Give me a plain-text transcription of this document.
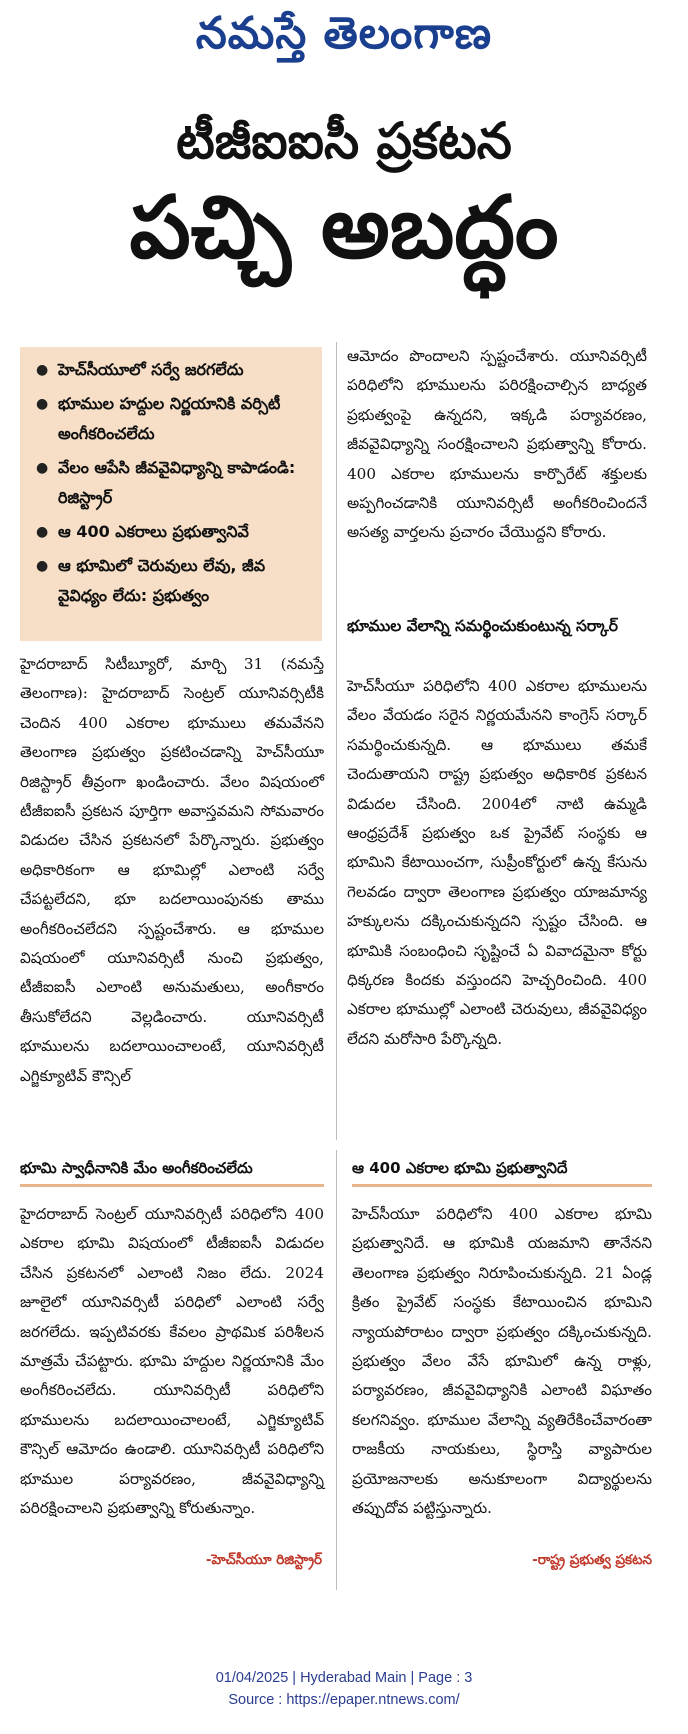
నమస్తే తెలంగాణ
టీజీఐఐసీ ప్రకటన
పచ్చి అబద్ధం
● హెచ్‌సీయూలో సర్వే జరగలేదు
● భూముల హద్దుల నిర్ణయానికి వర్సిటీ అంగీకరించలేదు
● వేలం ఆపేసి జీవవైవిధ్యాన్ని కాపాడండి: రిజిస్ట్రార్
● ఆ 400 ఎకరాలు ప్రభుత్వానివే
● ఆ భూమిలో చెరువులు లేవు, జీవ వైవిధ్యం లేదు: ప్రభుత్వం
హైదరాబాద్ సిటీబ్యూరో, మార్చి 31 (నమస్తే తెలంగాణ): హైదరాబాద్ సెంట్రల్ యూనివర్సిటీకి చెందిన 400 ఎకరాల భూములు తమవేనని తెలంగాణ ప్రభుత్వం ప్రకటించడాన్ని హెచ్‌సీయూ రిజిస్ట్రార్ తీవ్రంగా ఖండించారు. వేలం విషయంలో టీజీఐఐసీ ప్రకటన పూర్తిగా అవాస్తవమని సోమవారం విడుదల చేసిన ప్రకటనలో పేర్కొన్నారు. ప్రభుత్వం అధికారికంగా ఆ భూమిల్లో ఎలాంటి సర్వే చేపట్టలేదని, భూ బదలాయింపునకు తాము అంగీకరించలేదని స్పష్టంచేశారు. ఆ భూముల విషయంలో యూనివర్సిటీ నుంచి ప్రభుత్వం, టీజీఐఐసీ ఎలాంటి అనుమతులు, అంగీకారం తీసుకోలేదని వెల్లడించారు. యూనివర్సిటీ భూములను బదలాయించాలంటే, యూనివర్సిటీ ఎగ్జిక్యూటివ్ కౌన్సిల్
ఆమోదం పొందాలని స్పష్టంచేశారు. యూనివర్సిటీ పరిధిలోని భూములను పరిరక్షించాల్సిన బాధ్యత ప్రభుత్వంపై ఉన్నదని, ఇక్కడి పర్యావరణం, జీవవైవిధ్యాన్ని సంరక్షించాలని ప్రభుత్వాన్ని కోరారు. 400 ఎకరాల భూములను కార్పొరేట్ శక్తులకు అప్పగించడానికి యూనివర్సిటీ అంగీకరించిందనే అసత్య వార్తలను ప్రచారం చేయొద్దని కోరారు.
భూముల వేలాన్ని సమర్థించుకుంటున్న సర్కార్
హెచ్‌సీయూ పరిధిలోని 400 ఎకరాల భూములను వేలం వేయడం సరైన నిర్ణయమేనని కాంగ్రెస్ సర్కార్ సమర్థించుకున్నది. ఆ భూములు తమకే చెందుతాయని రాష్ట్ర ప్రభుత్వం అధికారిక ప్రకటన విడుదల చేసింది. 2004లో నాటి ఉమ్మడి ఆంధ్రప్రదేశ్ ప్రభుత్వం ఒక ప్రైవేట్ సంస్థకు ఆ భూమిని కేటాయించగా, సుప్రీంకోర్టులో ఉన్న కేసును గెలవడం ద్వారా తెలంగాణ ప్రభుత్వం యాజమాన్య హక్కులను దక్కించుకున్నదని స్పష్టం చేసింది. ఆ భూమికి సంబంధించి సృష్టించే ఏ వివాదమైనా కోర్టు ధిక్కరణ కిందకు వస్తుందని హెచ్చరించింది. 400 ఎకరాల భూముల్లో ఎలాంటి చెరువులు, జీవవైవిధ్యం లేదని మరోసారి పేర్కొన్నది.
భూమి స్వాధీనానికి మేం అంగీకరించలేదు	ఆ 400 ఎకరాల భూమి ప్రభుత్వానిదే
హైదరాబాద్ సెంట్రల్ యూనివర్సిటీ పరిధిలోని 400 ఎకరాల భూమి విషయంలో టీజీఐఐసీ విడుదల చేసిన ప్రకటనలో ఎలాంటి నిజం లేదు. 2024 జూలైలో యూనివర్సిటీ పరిధిలో ఎలాంటి సర్వే జరగలేదు. ఇప్పటివరకు కేవలం ప్రాథమిక పరిశీలన మాత్రమే చేపట్టారు. భూమి హద్దుల నిర్ణయానికి మేం అంగీకరించలేదు. యూనివర్సిటీ పరిధిలోని భూములను బదలాయించాలంటే, ఎగ్జిక్యూటివ్ కౌన్సిల్ ఆమోదం ఉండాలి. యూనివర్సిటీ పరిధిలోని భూముల పర్యావరణం, జీవవైవిధ్యాన్ని పరిరక్షించాలని ప్రభుత్వాన్ని కోరుతున్నాం.
హెచ్‌సీయూ పరిధిలోని 400 ఎకరాల భూమి ప్రభుత్వానిదే. ఆ భూమికి యజమాని తానేనని తెలంగాణ ప్రభుత్వం నిరూపించుకున్నది. 21 ఏండ్ల క్రితం ప్రైవేట్ సంస్థకు కేటాయించిన భూమిని న్యాయపోరాటం ద్వారా ప్రభుత్వం దక్కించుకున్నది. ప్రభుత్వం వేలం వేసే భూమిలో ఉన్న రాళ్లు, పర్యావరణం, జీవవైవిధ్యానికి ఎలాంటి విఘాతం కలగనివ్వం. భూముల వేలాన్ని వ్యతిరేకించేవారంతా రాజకీయ నాయకులు, స్థిరాస్తి వ్యాపారుల ప్రయోజనాలకు అనుకూలంగా విద్యార్థులను తప్పుదోవ పట్టిస్తున్నారు.
-హెచ్‌సీయూ రిజిస్ట్రార్	-రాష్ట్ర ప్రభుత్వ ప్రకటన
01/04/2025 | Hyderabad Main | Page : 3
Source : https://epaper.ntnews.com/
